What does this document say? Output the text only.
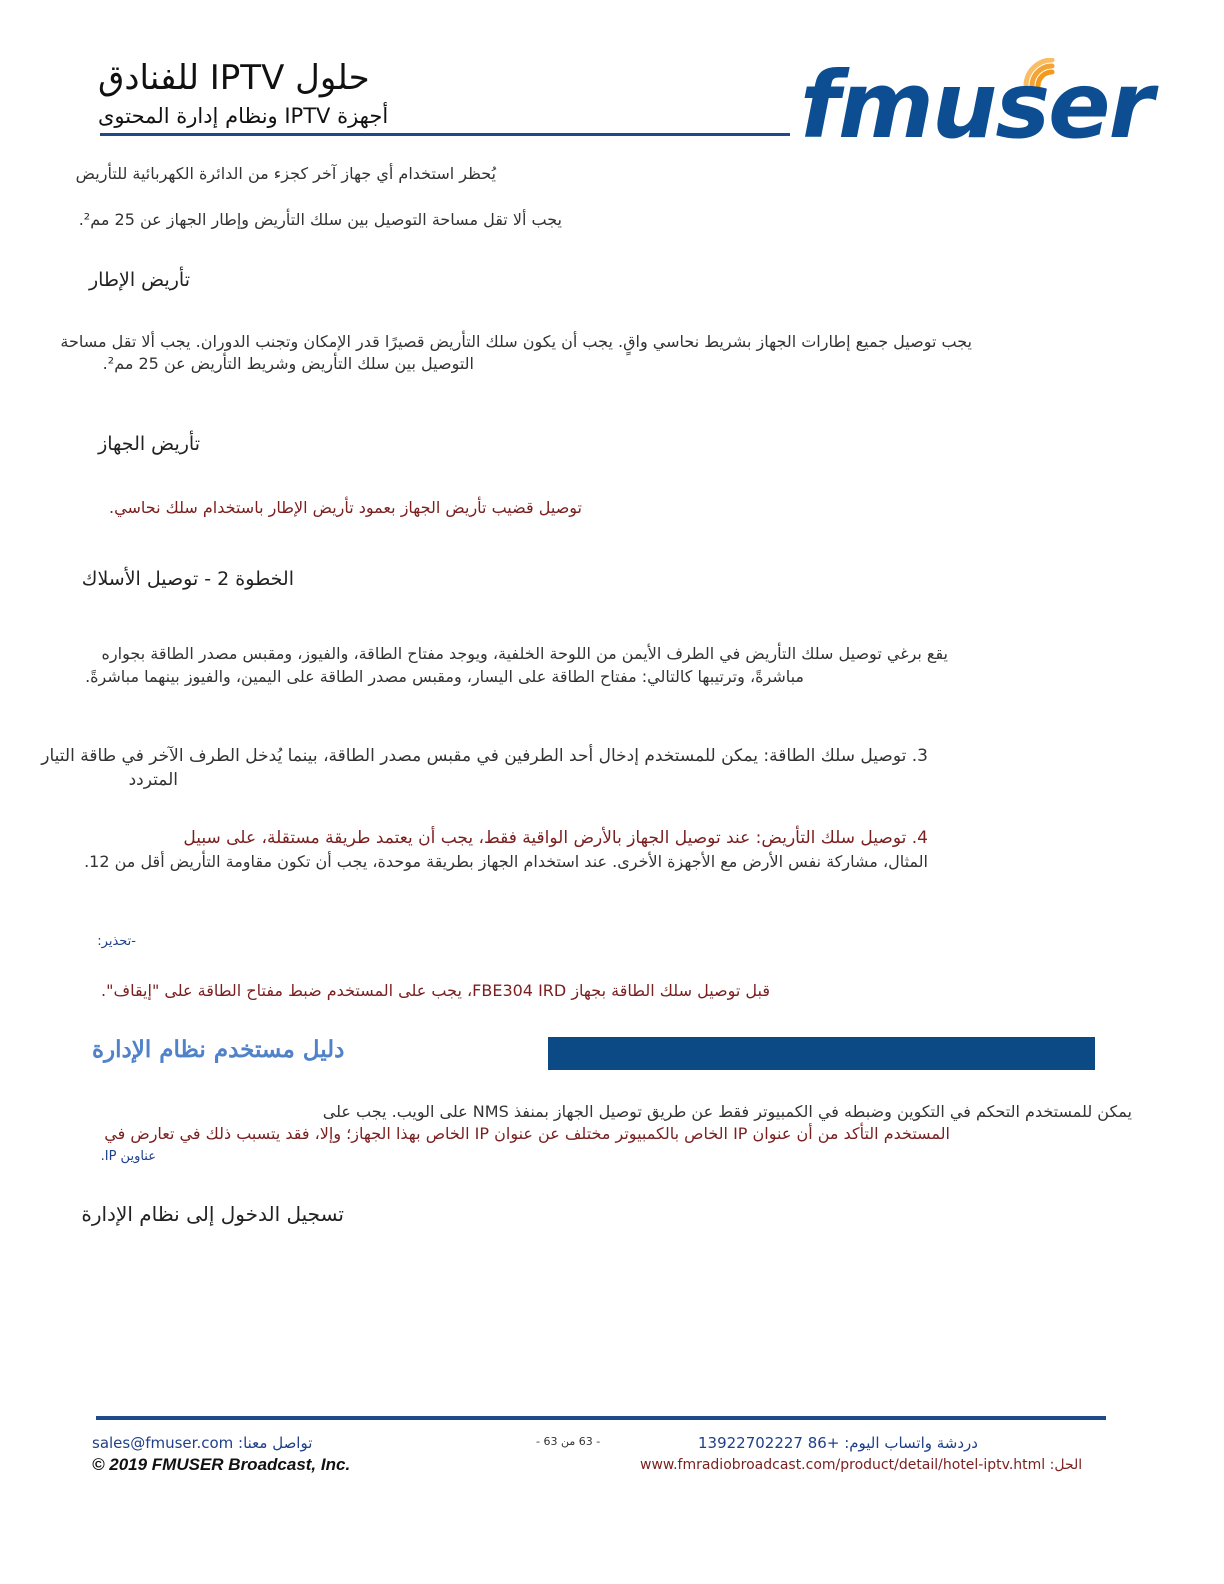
حلول IPTV للفنادق
أجهزة IPTV ونظام إدارة المحتوى	fmuser
يُحظر استخدام أي جهاز آخر كجزء من الدائرة الكهربائية للتأريض
يجب ألا تقل مساحة التوصيل بين سلك التأريض وإطار الجهاز عن 25 مم².
تأريض الإطار
يجب توصيل جميع إطارات الجهاز بشريط نحاسي واقٍ. يجب أن يكون سلك التأريض قصيرًا قدر الإمكان وتجنب الدوران. يجب ألا تقل مساحة
التوصيل بين سلك التأريض وشريط التأريض عن 25 مم².
تأريض الجهاز
توصيل قضيب تأريض الجهاز بعمود تأريض الإطار باستخدام سلك نحاسي.
الخطوة 2 - توصيل الأسلاك
يقع برغي توصيل سلك التأريض في الطرف الأيمن من اللوحة الخلفية، ويوجد مفتاح الطاقة، والفيوز، ومقبس مصدر الطاقة بجواره
مباشرةً، وترتيبها كالتالي: مفتاح الطاقة على اليسار، ومقبس مصدر الطاقة على اليمين، والفيوز بينهما مباشرةً.
3. توصيل سلك الطاقة: يمكن للمستخدم إدخال أحد الطرفين في مقبس مصدر الطاقة، بينما يُدخل الطرف الآخر في طاقة التيار
المتردد
4. توصيل سلك التأريض: عند توصيل الجهاز بالأرض الواقية فقط، يجب أن يعتمد طريقة مستقلة، على سبيل
المثال، مشاركة نفس الأرض مع الأجهزة الأخرى. عند استخدام الجهاز بطريقة موحدة، يجب أن تكون مقاومة التأريض أقل من 12.
-تحذير:
قبل توصيل سلك الطاقة بجهاز FBE304 IRD، يجب على المستخدم ضبط مفتاح الطاقة على "إيقاف".
دليل مستخدم نظام الإدارة
يمكن للمستخدم التحكم في التكوين وضبطه في الكمبيوتر فقط عن طريق توصيل الجهاز بمنفذ NMS على الويب. يجب على
المستخدم التأكد من أن عنوان IP الخاص بالكمبيوتر مختلف عن عنوان IP الخاص بهذا الجهاز؛ وإلا، فقد يتسبب ذلك في تعارض في
عناوين IP.
تسجيل الدخول إلى نظام الإدارة
sales@fmuser.com :تواصل معنا
© 2019 FMUSER Broadcast, Inc.
- 63 من 63 -	دردشة واتساب اليوم: +86 13922702227
الحل: www.fmradiobroadcast.com/product/detail/hotel-iptv.html
